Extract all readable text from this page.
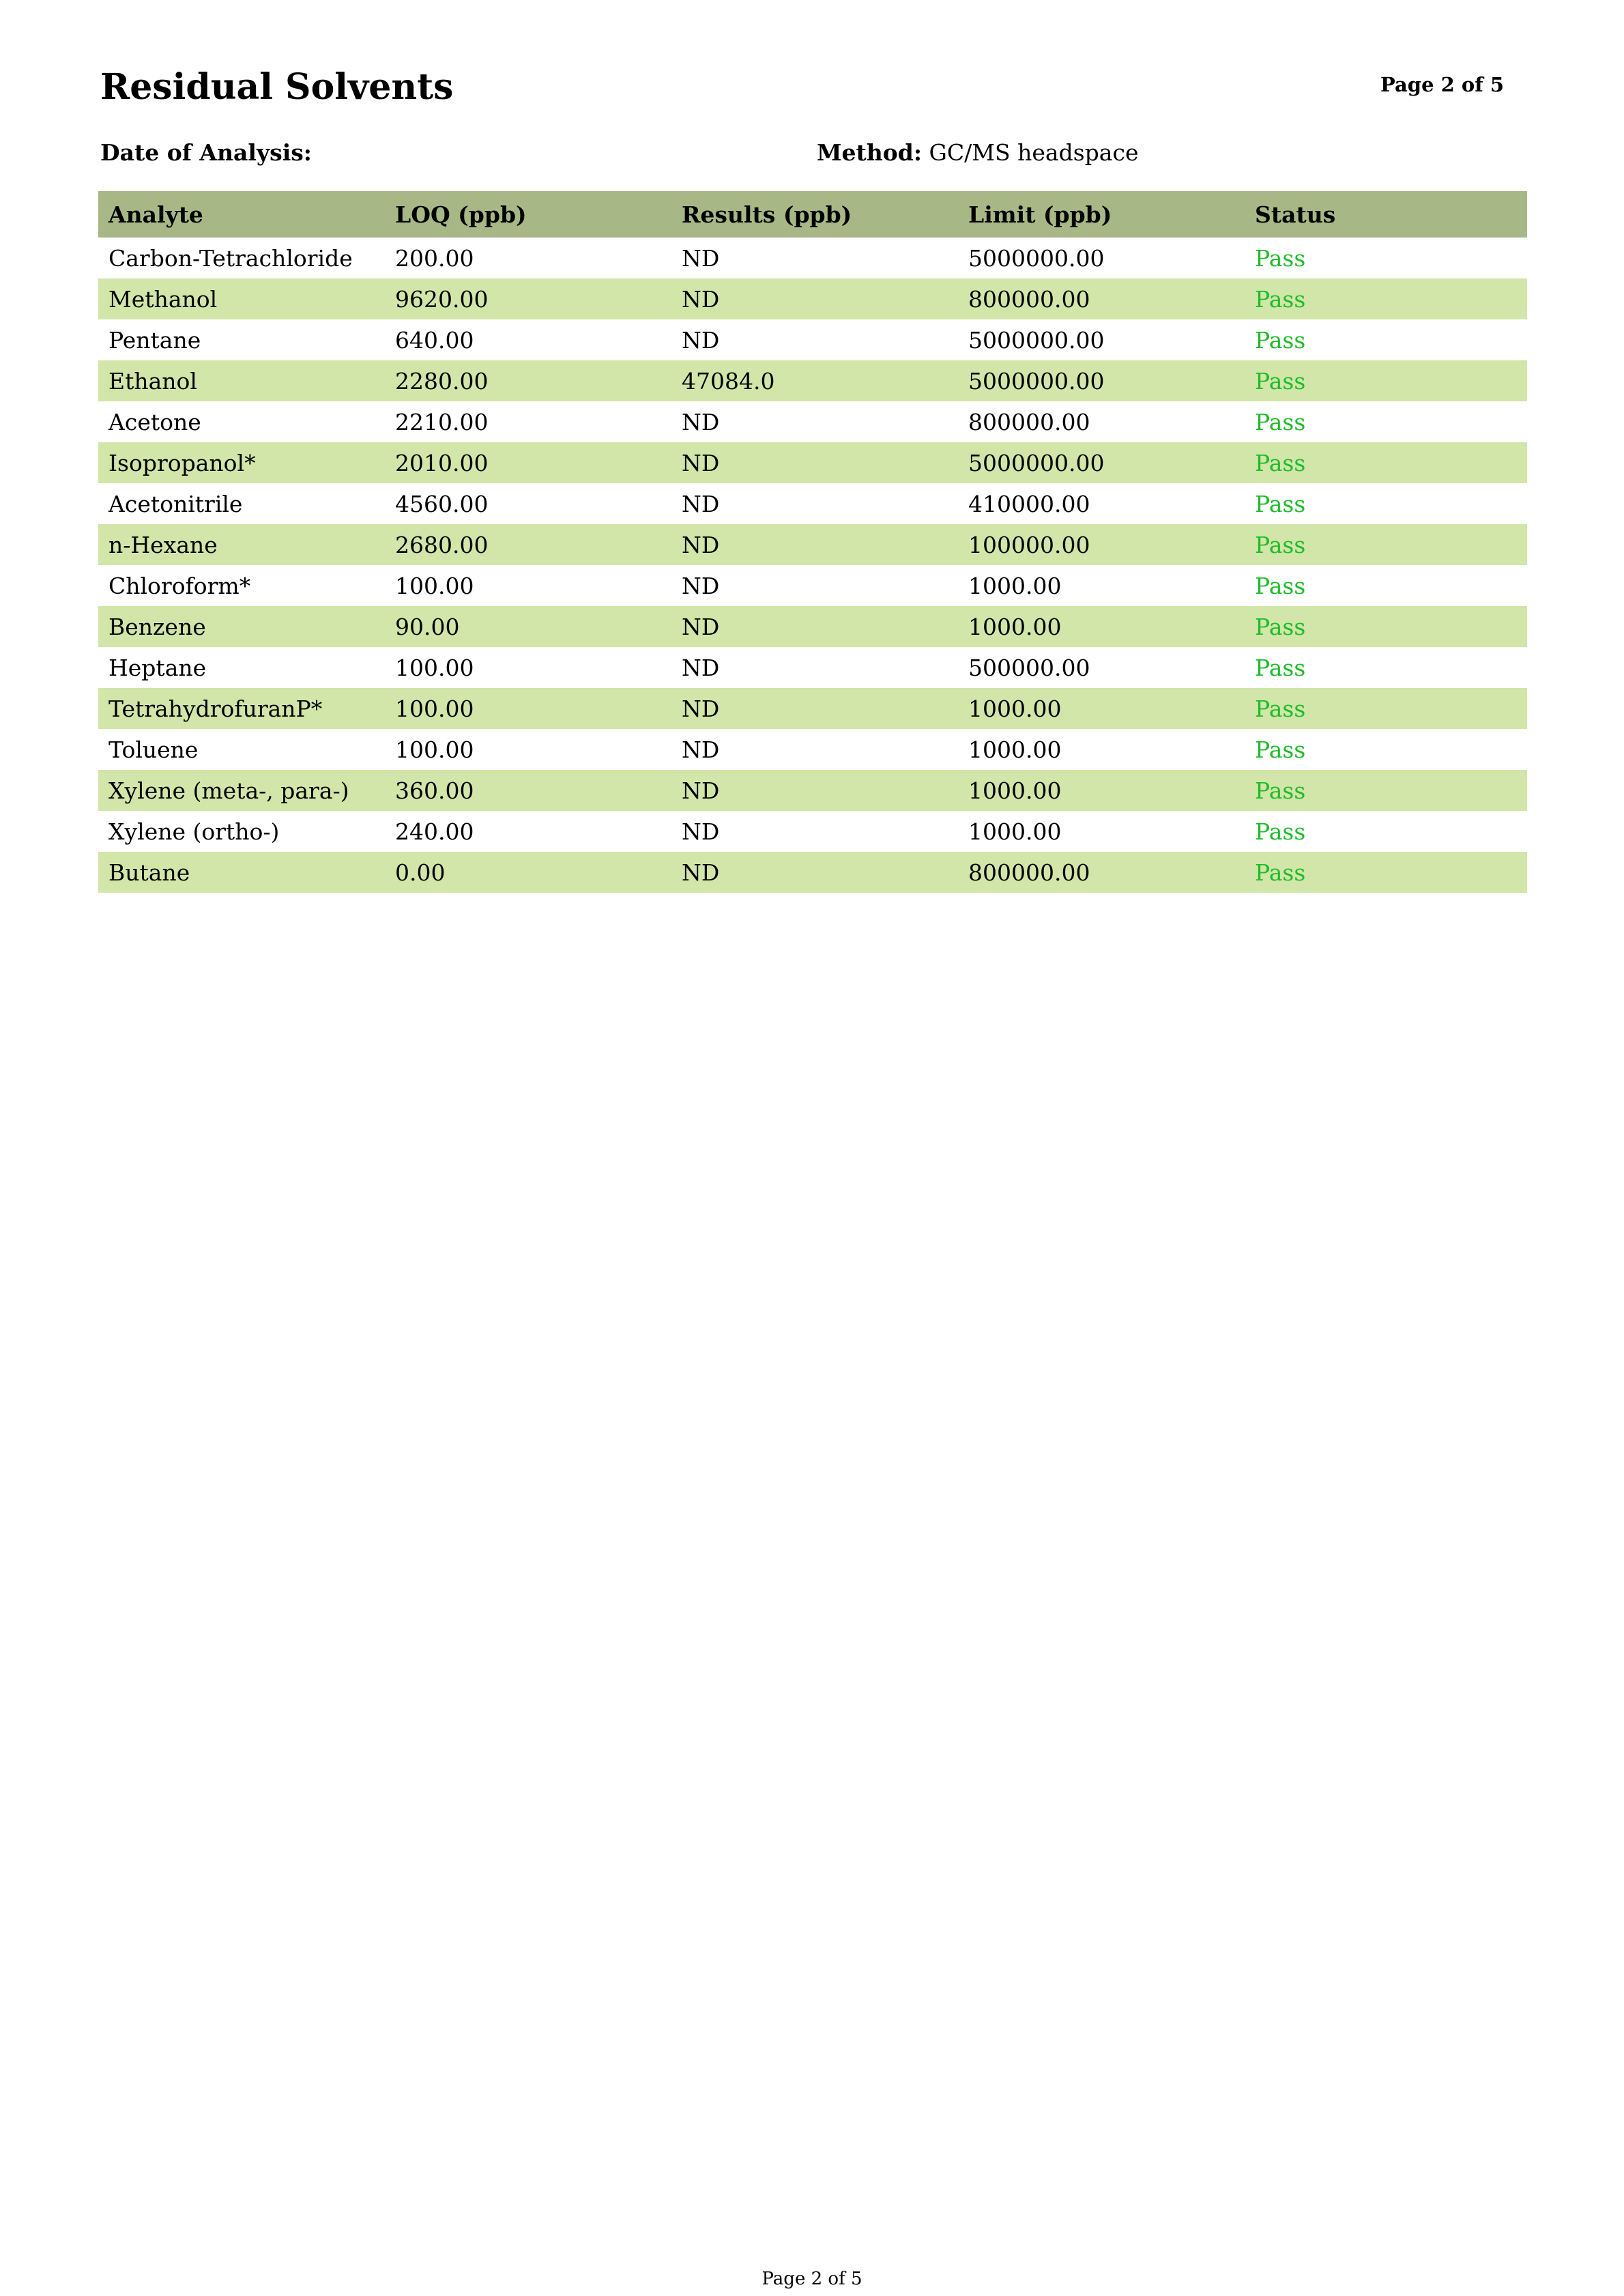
Residual Solvents	Page 2 of 5
Date of Analysis:	Method: GC/MS headspace
Analyte	LOQ (ppb)	Results (ppb)	Limit (ppb)	Status
Carbon-Tetrachloride	200.00	ND	5000000.00	Pass
Methanol	9620.00	ND	800000.00	Pass
Pentane	640.00	ND	5000000.00	Pass
Ethanol	2280.00	47084.0	5000000.00	Pass
Acetone	2210.00	ND	800000.00	Pass
Isopropanol*	2010.00	ND	5000000.00	Pass
Acetonitrile	4560.00	ND	410000.00	Pass
n-Hexane	2680.00	ND	100000.00	Pass
Chloroform*	100.00	ND	1000.00	Pass
Benzene	90.00	ND	1000.00	Pass
Heptane	100.00	ND	500000.00	Pass
TetrahydrofuranP*	100.00	ND	1000.00	Pass
Toluene	100.00	ND	1000.00	Pass
Xylene (meta-, para-)	360.00	ND	1000.00	Pass
Xylene (ortho-)	240.00	ND	1000.00	Pass
Butane	0.00	ND	800000.00	Pass
Page 2 of 5
